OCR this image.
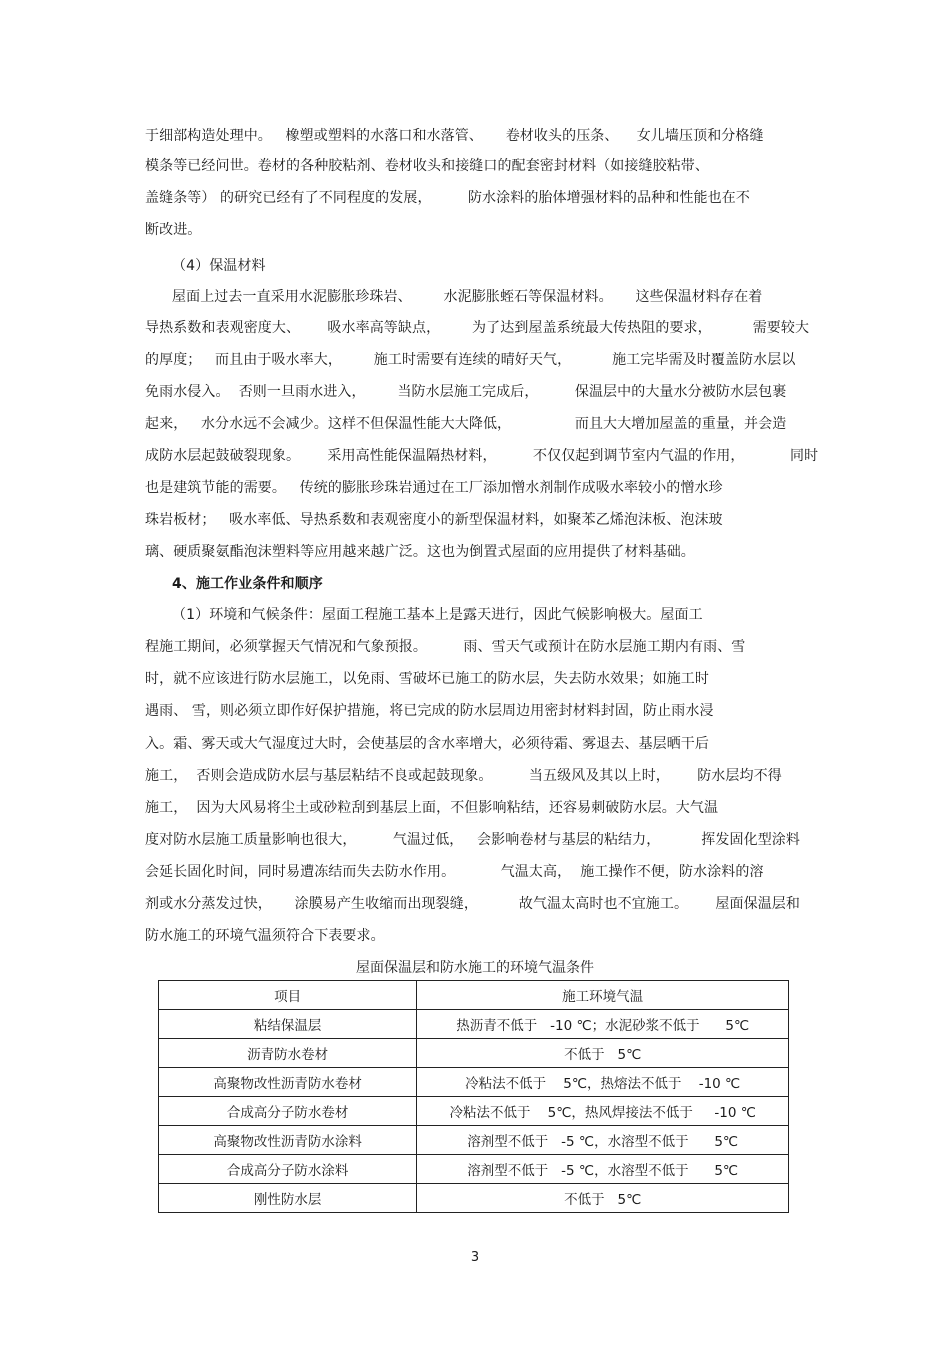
于细部构造处理中。   橡塑或塑料的水落口和水落管、     卷材收头的压条、    女儿墙压顶和分格缝
模条等已经问世。卷材的各种胶粘剂、卷材收头和接缝口的配套密封材料（如接缝胶粘带、
盖缝条等） 的研究已经有了不同程度的发展，        防水涂料的胎体增强材料的品种和性能也在不
断改进。
（4）保温材料
屋面上过去一直采用水泥膨胀珍珠岩、       水泥膨胀蛭石等保温材料。     这些保温材料存在着
导热系数和表观密度大、      吸水率高等缺点，       为了达到屋盖系统最大传热阻的要求，         需要较大
的厚度；   而且由于吸水率大，       施工时需要有连续的晴好天气，         施工完毕需及时覆盖防水层以
免雨水侵入。  否则一旦雨水进入，       当防水层施工完成后，        保温层中的大量水分被防水层包裹
起来，   水分水远不会减少。这样不但保温性能大大降低，              而且大大增加屋盖的重量，并会造
成防水层起鼓破裂现象。      采用高性能保温隔热材料，        不仅仅起到调节室内气温的作用，          同时
也是建筑节能的需要。   传统的膨胀珍珠岩通过在工厂添加憎水剂制作成吸水率较小的憎水珍
珠岩板材；   吸水率低、导热系数和表观密度小的新型保温材料，如聚苯乙烯泡沫板、泡沫玻
璃、硬质聚氨酯泡沫塑料等应用越来越广泛。这也为倒置式屋面的应用提供了材料基础。
4、施工作业条件和顺序
（1）环境和气候条件：屋面工程施工基本上是露天进行，因此气候影响极大。屋面工
程施工期间，必须掌握天气情况和气象预报。        雨、雪天气或预计在防水层施工期内有雨、雪
时，就不应该进行防水层施工，以免雨、雪破坏已施工的防水层，失去防水效果；如施工时
遇雨、 雪，则必须立即作好保护措施，将已完成的防水层周边用密封材料封固，防止雨水浸
入。霜、雾天或大气湿度过大时，会使基层的含水率增大，必须待霜、雾退去、基层晒干后
施工，  否则会造成防水层与基层粘结不良或起鼓现象。        当五级风及其以上时，      防水层均不得
施工，  因为大风易将尘土或砂粒刮到基层上面，不但影响粘结，还容易刺破防水层。大气温
度对防水层施工质量影响也很大，        气温过低，   会影响卷材与基层的粘结力，         挥发固化型涂料
会延长固化时间，同时易遭冻结而失去防水作用。          气温太高，  施工操作不便，防水涂料的溶
剂或水分蒸发过快，     涂膜易产生收缩而出现裂缝，         故气温太高时也不宜施工。      屋面保温层和
防水施工的环境气温须符合下表要求。
屋面保温层和防水施工的环境气温条件
项目	施工环境气温
粘结保温层	热沥青不低于   -10 ℃；水泥砂浆不低于      5℃
沥青防水卷材	不低于   5℃
高聚物改性沥青防水卷材	冷粘法不低于    5℃，热熔法不低于    -10 ℃
合成高分子防水卷材	冷粘法不低于    5℃，热风焊接法不低于     -10 ℃
高聚物改性沥青防水涂料	溶剂型不低于   -5 ℃，水溶型不低于      5℃
合成高分子防水涂料	溶剂型不低于   -5 ℃，水溶型不低于      5℃
刚性防水层	不低于   5℃
3
